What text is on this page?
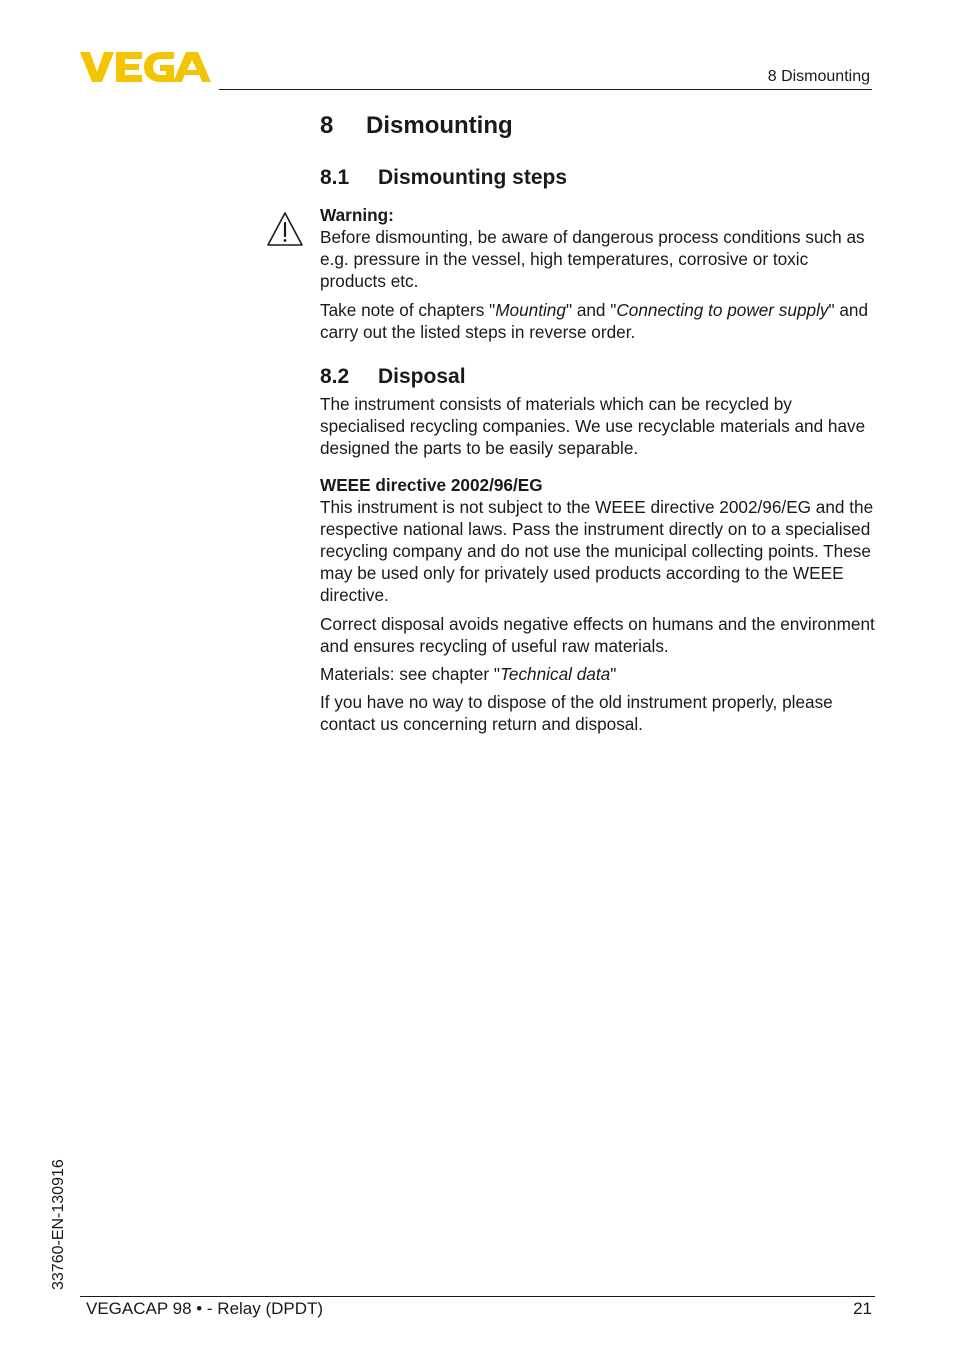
8 Dismounting
8	Dismounting
8.1	Dismounting steps

Warning:

Before dismounting, be aware of dangerous process conditions such as e.g. pressure in the vessel, high temperatures, corrosive or toxic products etc.

Take note of chapters "Mounting" and "Connecting to power supply" and carry out the listed steps in reverse order.

8.2	Disposal

The instrument consists of materials which can be recycled by specialised recycling companies. We use recyclable materials and have designed the parts to be easily separable.

WEEE directive 2002/96/EG

This instrument is not subject to the WEEE directive 2002/96/EG and the respective national laws. Pass the instrument directly on to a specialised recycling company and do not use the municipal collecting points. These may be used only for privately used products according to the WEEE directive.

Correct disposal avoids negative effects on humans and the environment and ensures recycling of useful raw materials.

Materials: see chapter "Technical data"

If you have no way to dispose of the old instrument properly, please contact us concerning return and disposal.

33760-EN-130916
VEGACAP 98 • - Relay (DPDT)	21
